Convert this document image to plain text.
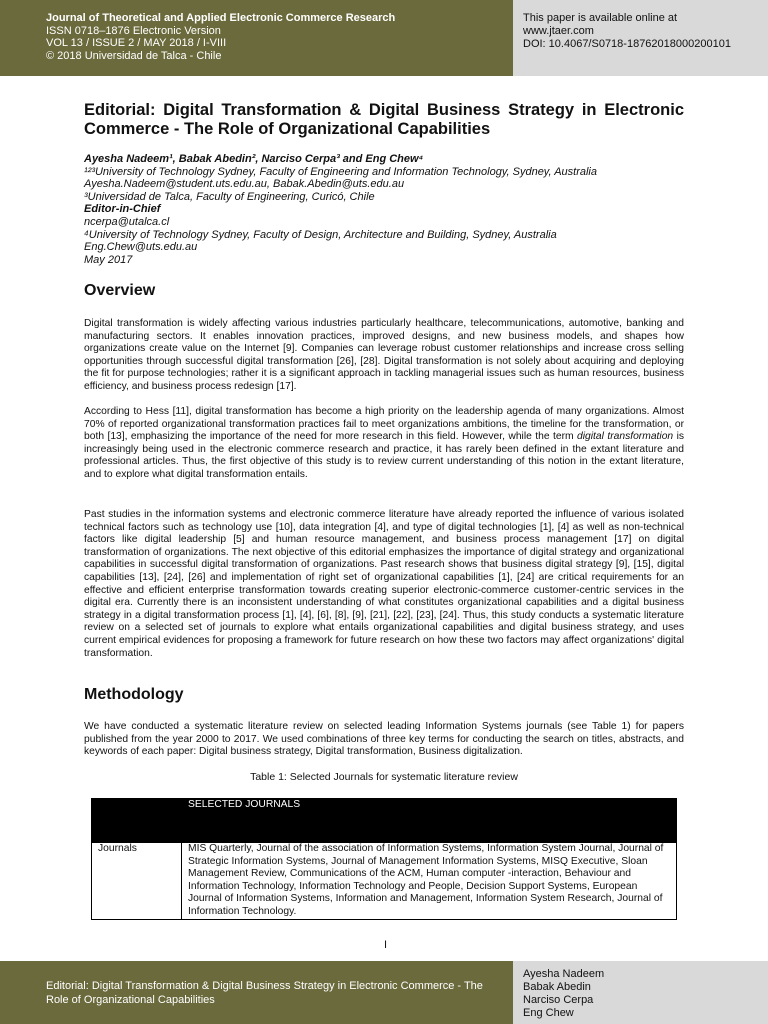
Journal of Theoretical and Applied Electronic Commerce Research
ISSN 0718–1876 Electronic Version
VOL 13 / ISSUE 2 / MAY 2018 / I-VIII
© 2018 Universidad de Talca - Chile
This paper is available online at
www.jtaer.com
DOI: 10.4067/S0718-18762018000200101
Editorial: Digital Transformation & Digital Business Strategy in Electronic Commerce - The Role of Organizational Capabilities
Ayesha Nadeem¹, Babak Abedin², Narciso Cerpa³ and Eng Chew⁴
¹²³University of Technology Sydney, Faculty of Engineering and Information Technology, Sydney, Australia
Ayesha.Nadeem@student.uts.edu.au, Babak.Abedin@uts.edu.au
³Universidad de Talca, Faculty of Engineering, Curicó, Chile
Editor-in-Chief
ncerpa@utalca.cl
⁴University of Technology Sydney, Faculty of Design, Architecture and Building, Sydney, Australia
Eng.Chew@uts.edu.au
May 2017
Overview

Digital transformation is widely affecting various industries particularly healthcare, telecommunications, automotive, banking and manufacturing sectors. It enables innovation practices, improved designs, and new business models, and shapes how organizations create value on the Internet [9]. Companies can leverage robust customer relationships and increase cross selling opportunities through successful digital transformation [26], [28]. Digital transformation is not solely about acquiring and deploying the fit for purpose technologies; rather it is a significant approach in tackling managerial issues such as human resources, business efficiency, and business process redesign [17].

According to Hess [11], digital transformation has become a high priority on the leadership agenda of many organizations. Almost 70% of reported organizational transformation practices fail to meet organizations ambitions, the timeline for the transformation, or both [13], emphasizing the importance of the need for more research in this field. However, while the term digital transformation is increasingly being used in the electronic commerce research and practice, it has rarely been defined in the extant literature and professional articles. Thus, the first objective of this study is to review current understanding of this notion in the extant literature, and to explore what digital transformation entails.

Past studies in the information systems and electronic commerce literature have already reported the influence of various isolated technical factors such as technology use [10], data integration [4], and type of digital technologies [1], [4] as well as non-technical factors like digital leadership [5] and human resource management, and business process management [17] on digital transformation of organizations. The next objective of this editorial emphasizes the importance of digital strategy and organizational capabilities in successful digital transformation of organizations. Past research shows that business digital strategy [9], [15], digital capabilities [13], [24], [26] and implementation of right set of organizational capabilities [1], [24] are critical requirements for an effective and efficient enterprise transformation towards creating superior electronic-commerce customer-centric services in the digital era. Currently there is an inconsistent understanding of what constitutes organizational capabilities and a digital business strategy in a digital transformation process [1], [4], [6], [8], [9], [21], [22], [23], [24]. Thus, this study conducts a systematic literature review on a selected set of journals to explore what entails organizational capabilities and digital business strategy, and uses current empirical evidences for proposing a framework for future research on how these two factors may affect organizations' digital transformation.

Methodology

We have conducted a systematic literature review on selected leading Information Systems journals (see Table 1) for papers published from the year 2000 to 2017. We used combinations of three key terms for conducting the search on titles, abstracts, and keywords of each paper: Digital business strategy, Digital transformation, Business digitalization.

Table 1: Selected Journals for systematic literature review
	SELECTED JOURNALS
Journals	MIS Quarterly, Journal of the association of Information Systems, Information System Journal, Journal of Strategic Information Systems, Journal of Management Information Systems, MISQ Executive, Sloan Management Review, Communications of the ACM, Human computer -interaction, Behaviour and Information Technology, Information Technology and People, Decision Support Systems, European Journal of Information Systems, Information and Management, Information System Research, Journal of Information Technology.
I
Editorial: Digital Transformation & Digital Business Strategy in Electronic Commerce - The Role of Organizational Capabilities
Ayesha Nadeem
Babak Abedin
Narciso Cerpa
Eng Chew
